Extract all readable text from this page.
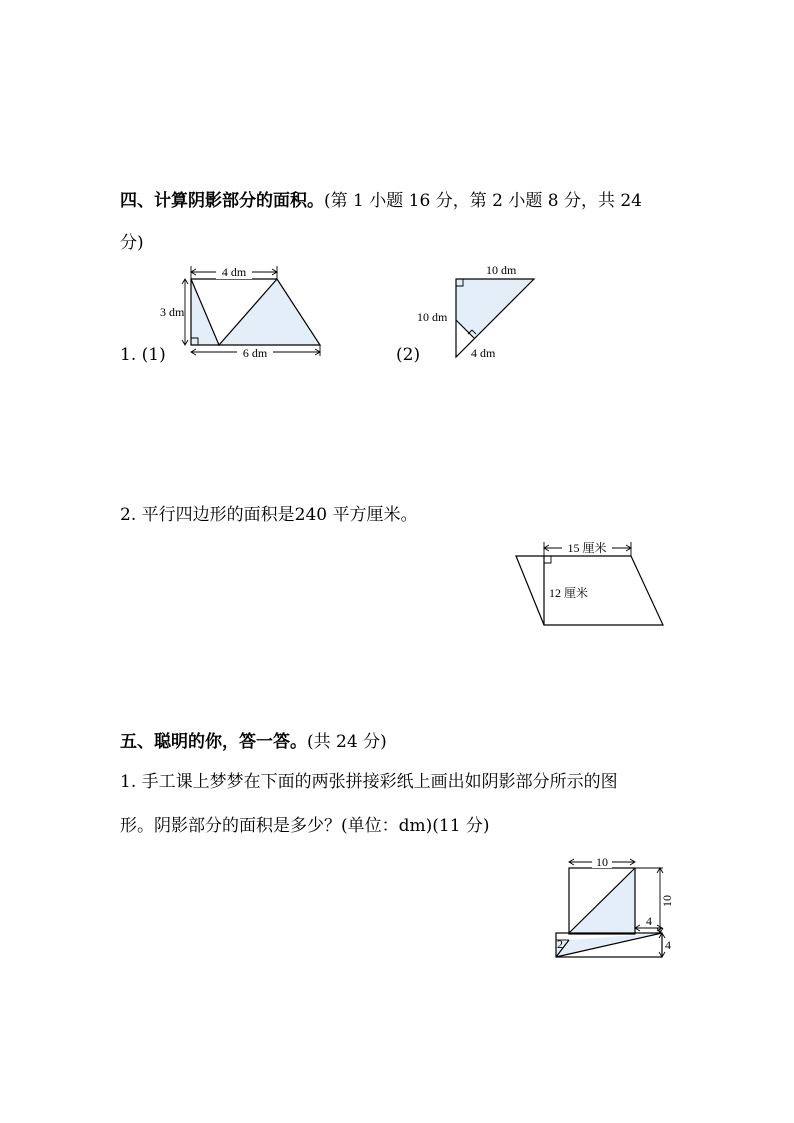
四、计算阴影部分的面积。(第 1 小题 16 分，第 2 小题 8 分，共 24
分)
1. (1)	(2)
4 dm
3 dm
6 dm
10 dm
10 dm
4 dm
2. 平行四边形的面积是240 平方厘米。
15 厘米
12 厘米
五、聪明的你，答一答。(共 24 分)
1. 手工课上梦梦在下面的两张拼接彩纸上画出如阴影部分所示的图
形。阴影部分的面积是多少？(单位：dm)(11 分)
10
10
4
4
2
